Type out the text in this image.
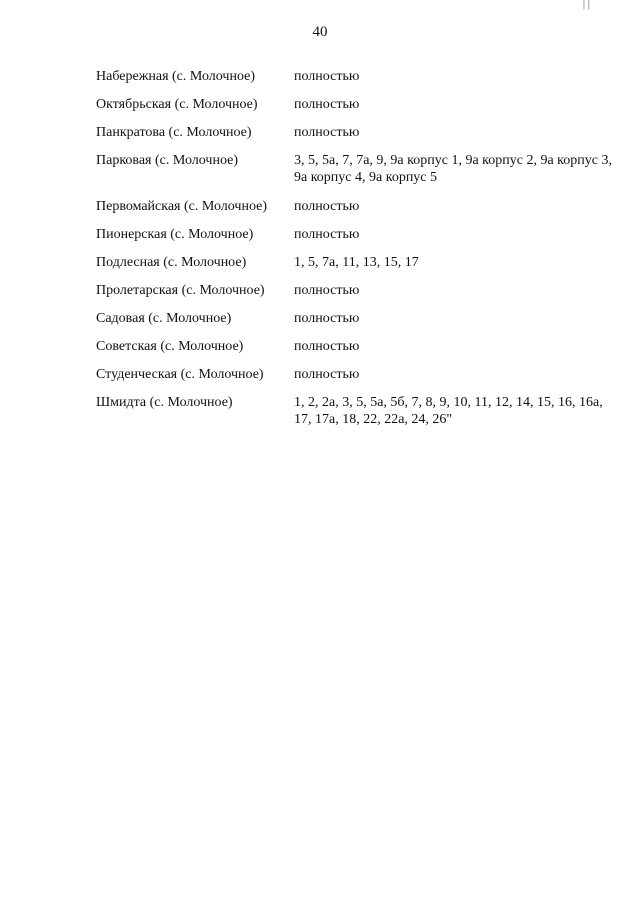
| |
40
Набережная (с. Молочное)	полностью
Октябрьская (с. Молочное)	полностью
Панкратова (с. Молочное)	полностью
Парковая (с. Молочное)	3, 5, 5а, 7, 7а, 9, 9а корпус 1, 9а корпус 2, 9а корпус 3, 9а корпус 4, 9а корпус 5
Первомайская (с. Молочное) полностью
Пионерская (с. Молочное)	полностью
Подлесная (с. Молочное)	1, 5, 7а, 11, 13, 15, 17
Пролетарская (с. Молочное) полностью
Садовая (с. Молочное)	полностью
Советская (с. Молочное)	полностью
Студенческая (с. Молочное) полностью
Шмидта (с. Молочное)	1, 2, 2а, 3, 5, 5а, 5б, 7, 8, 9, 10, 11, 12, 14, 15, 16, 16а, 17, 17а, 18, 22, 22а, 24, 26"
